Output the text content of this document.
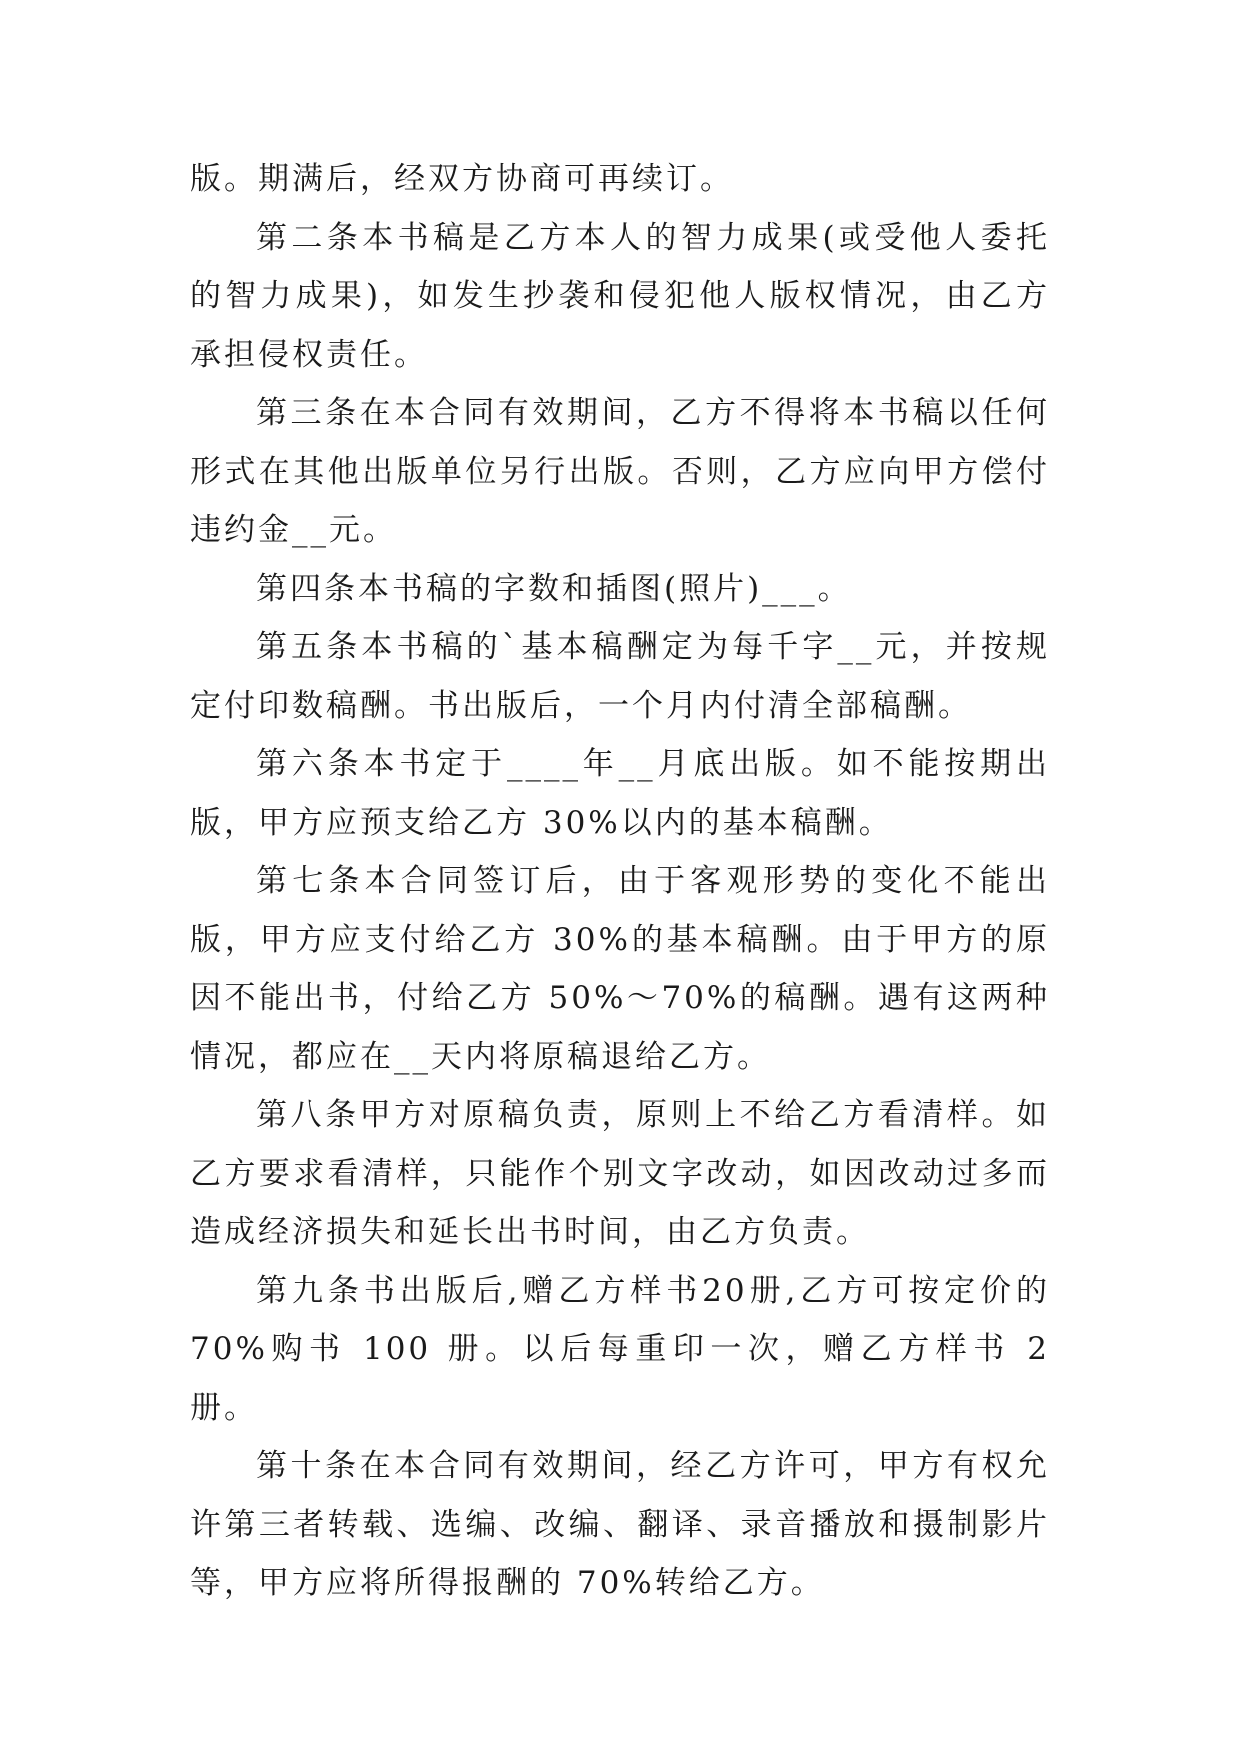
版。期满后，经双方协商可再续订。

第二条本书稿是乙方本人的智力成果(或受他人委托的智力成果)，如发生抄袭和侵犯他人版权情况，由乙方承担侵权责任。

第三条在本合同有效期间，乙方不得将本书稿以任何形式在其他出版单位另行出版。否则，乙方应向甲方偿付违约金__元。

第四条本书稿的字数和插图(照片)___。

第五条本书稿的`基本稿酬定为每千字__元，并按规定付印数稿酬。书出版后，一个月内付清全部稿酬。

第六条本书定于____年__月底出版。如不能按期出版，甲方应预支给乙方 30%以内的基本稿酬。

第七条本合同签订后，由于客观形势的变化不能出版，甲方应支付给乙方 30%的基本稿酬。由于甲方的原因不能出书，付给乙方 50%～70%的稿酬。遇有这两种情况，都应在__天内将原稿退给乙方。

第八条甲方对原稿负责，原则上不给乙方看清样。如乙方要求看清样，只能作个别文字改动，如因改动过多而造成经济损失和延长出书时间，由乙方负责。

第九条书出版后,赠乙方样书20册,乙方可按定价的70%购书 100 册。以后每重印一次，赠乙方样书 2 册。

第十条在本合同有效期间，经乙方许可，甲方有权允许第三者转载、选编、改编、翻译、录音播放和摄制影片等，甲方应将所得报酬的 70%转给乙方。
